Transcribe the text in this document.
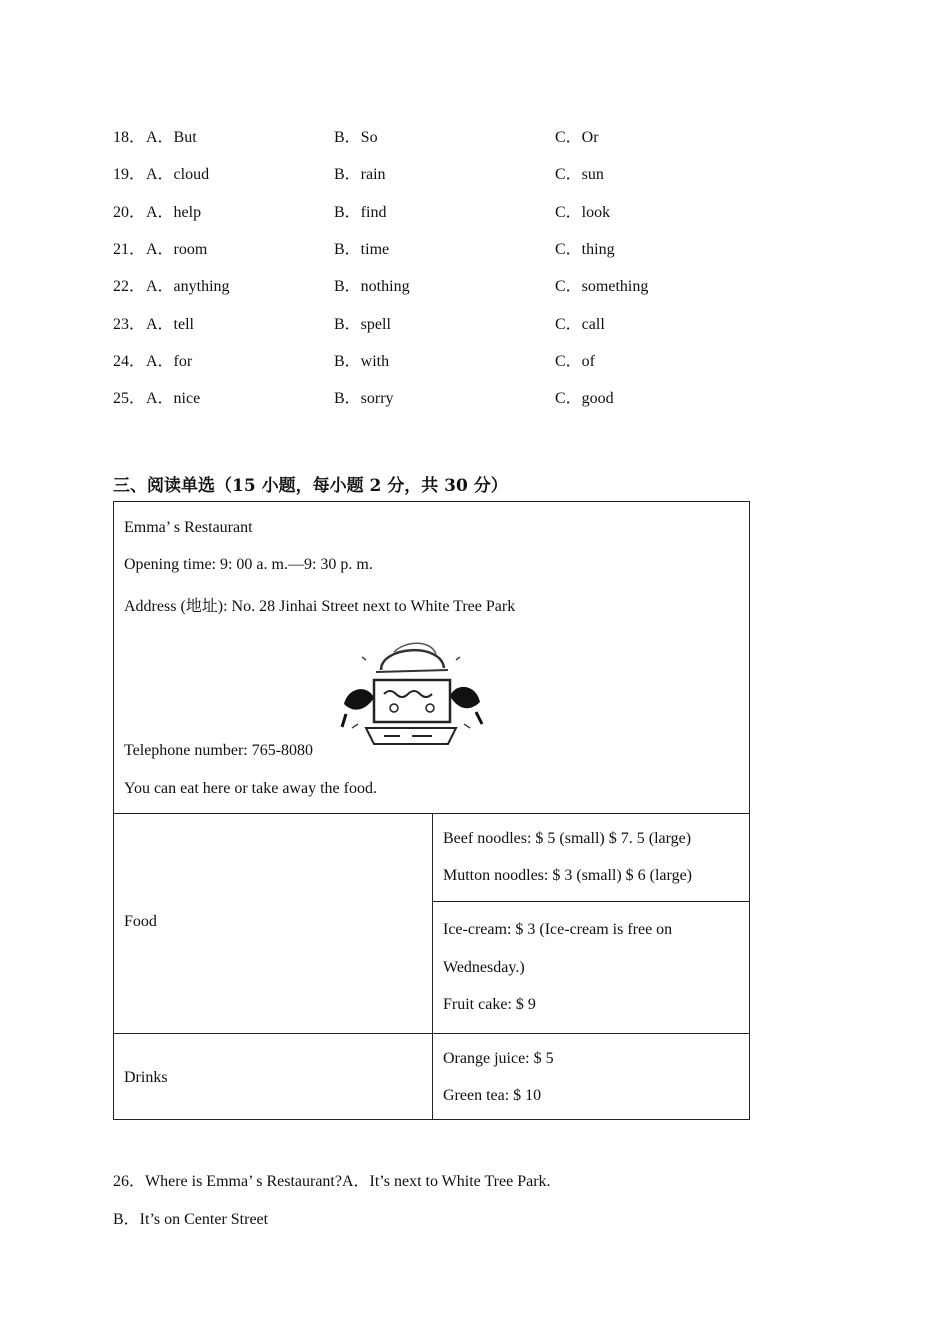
18． A．But	B．So	C．Or
19． A．cloud	B．rain	C．sun
20． A．help	B．find	C．look
21． A．room	B．time	C．thing
22． A．anything	B．nothing	C．something
23． A．tell	B．spell	C．call
24． A．for	B．with	C．of
25． A．nice	B．sorry	C．good
三、阅读单选（15 小题，每小题 2 分，共 30 分）
Emma’ s Restaurant
Opening time: 9: 00 a. m.—9: 30 p. m.
Address (地址): No. 28 Jinhai Street next to White Tree Park
Telephone number: 765-8080
You can eat here or take away the food.
Food
Beef noodles: $ 5 (small) $ 7. 5 (large)
Mutton noodles: $ 3 (small) $ 6 (large)
Ice-cream: $ 3 (Ice-cream is free on
Wednesday.)
Fruit cake: $ 9
Drinks
Orange juice: $ 5
Green tea: $ 10
26．Where is Emma’ s Restaurant?A．It’s next to White Tree Park.
B．It’s on Center Street
